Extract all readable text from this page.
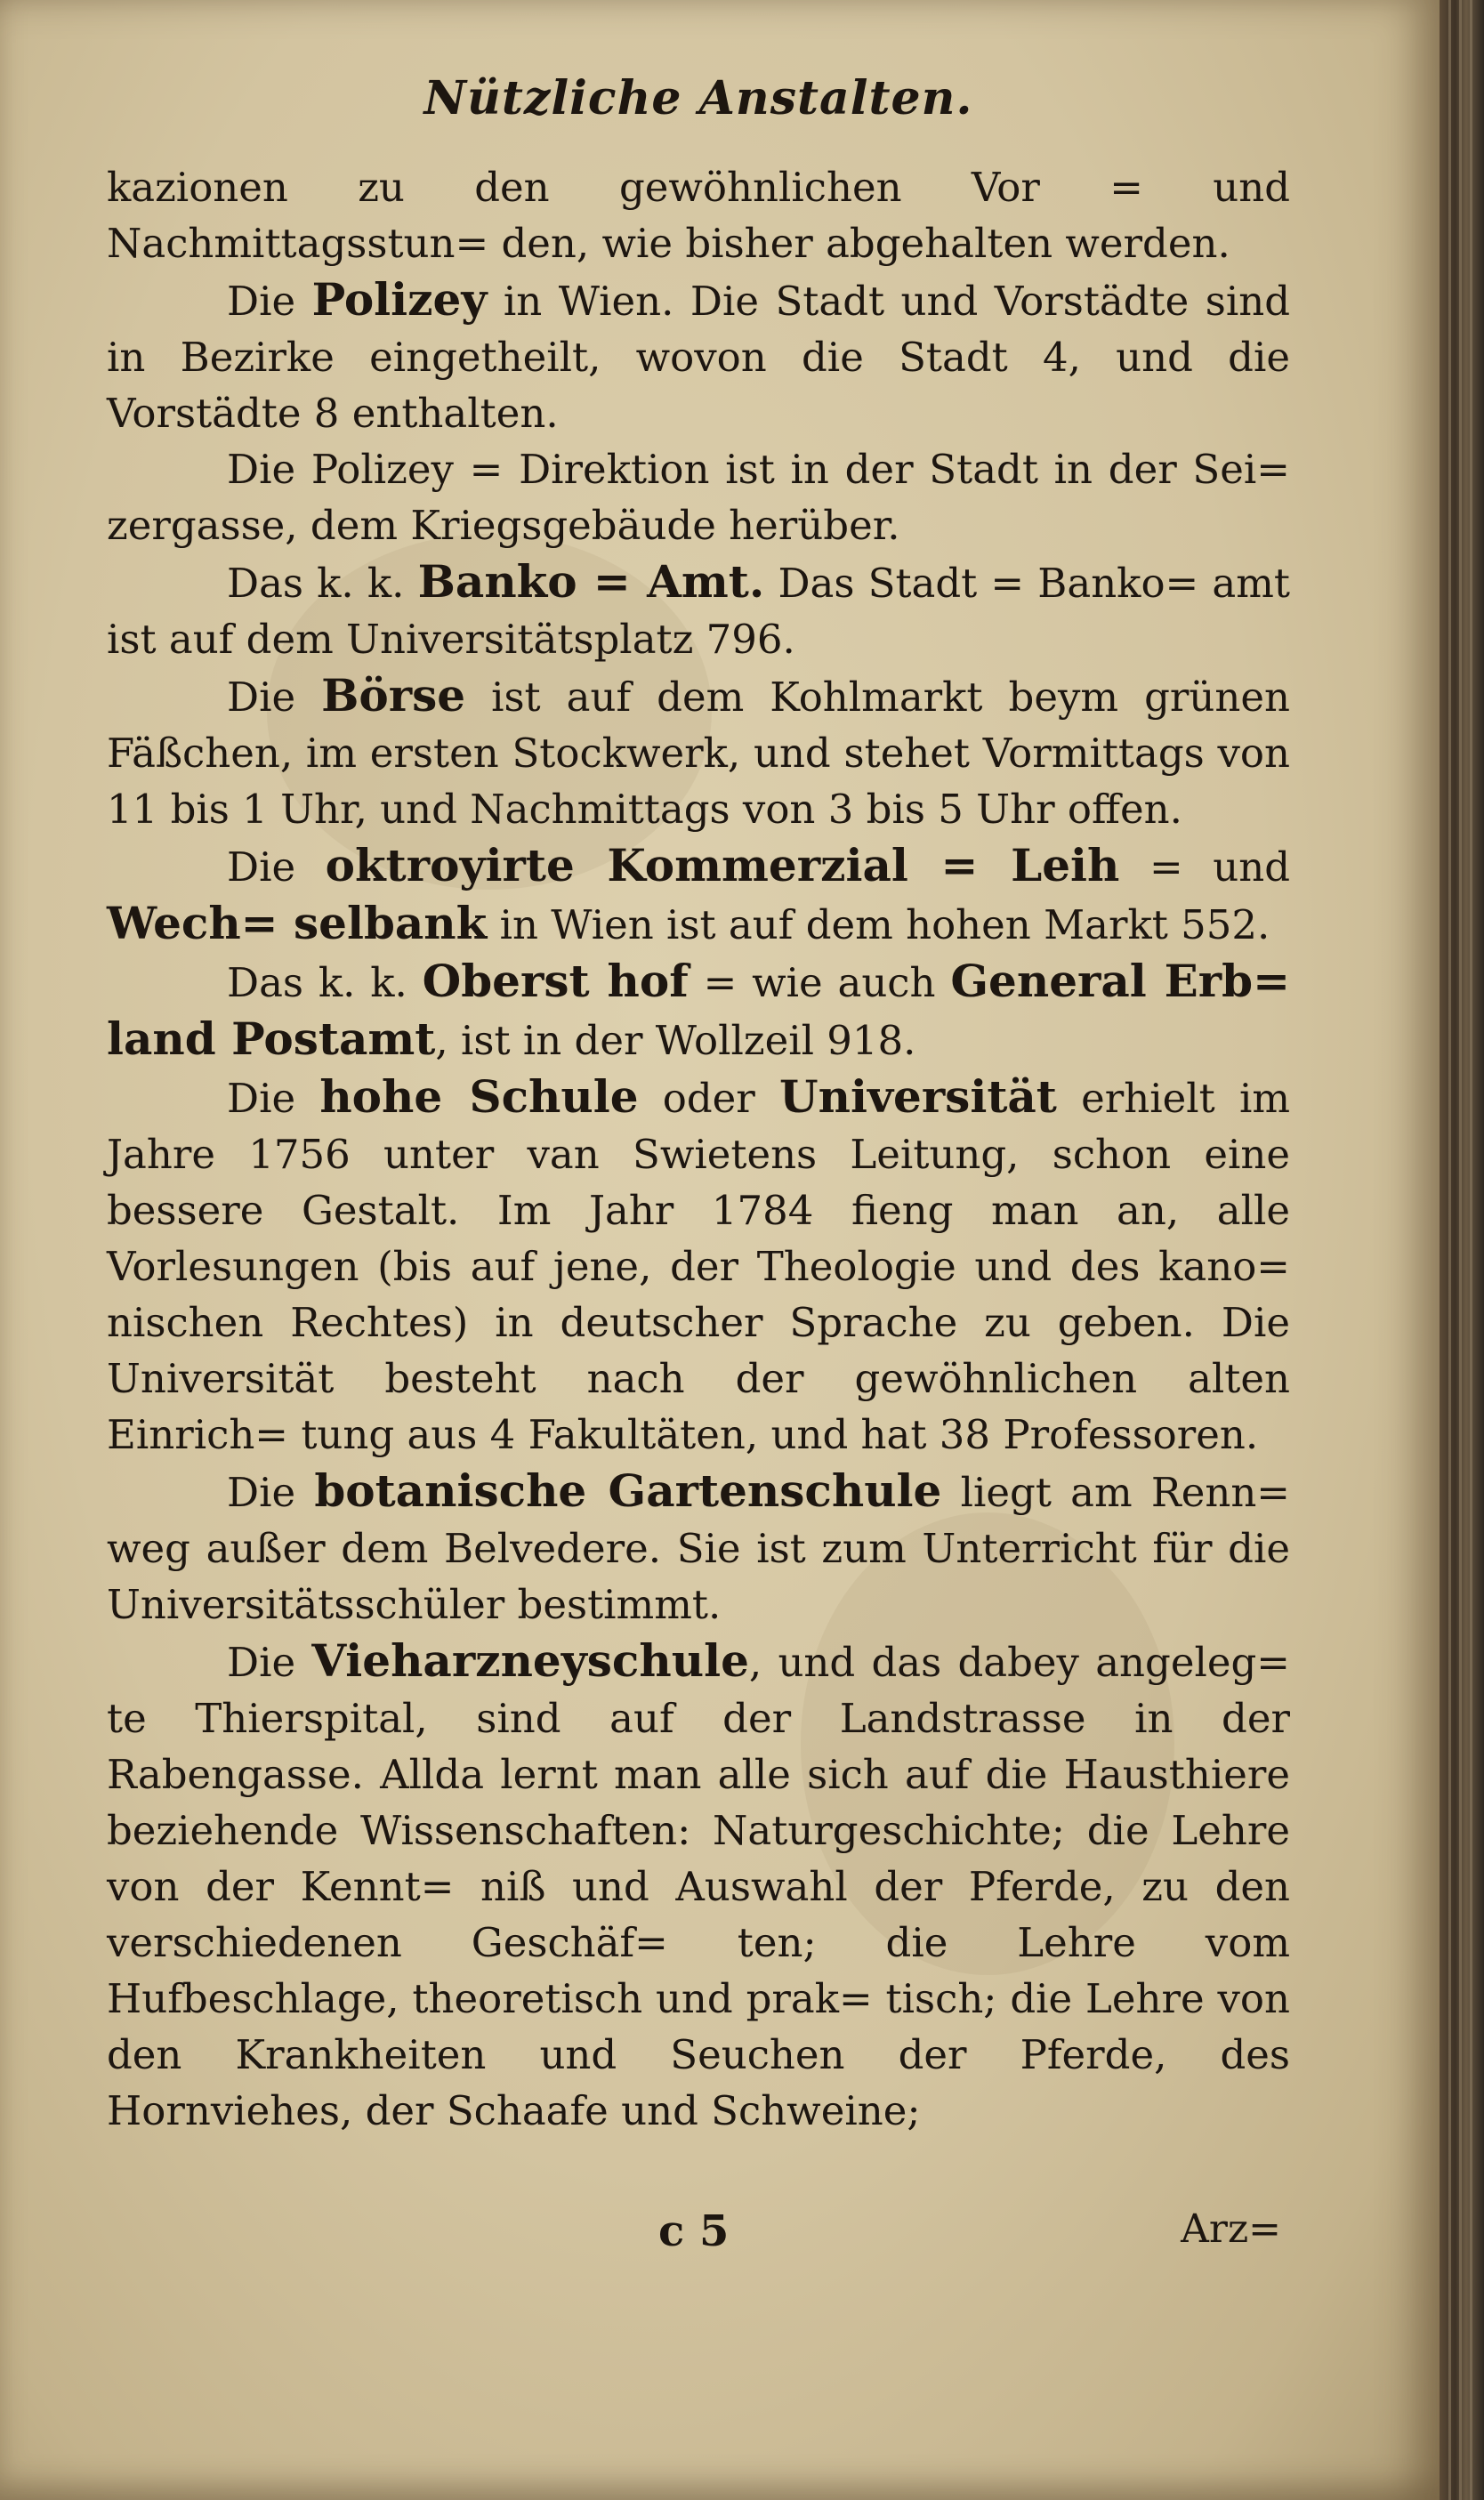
Nützliche Anstalten.

kazionen zu den gewöhnlichen Vor = und Nachmittagsstun= den, wie bisher abgehalten werden.

Die Polizey in Wien. Die Stadt und Vorstädte sind in Bezirke eingetheilt, wovon die Stadt 4, und die Vorstädte 8 enthalten.

Die Polizey = Direktion ist in der Stadt in der Sei= zergasse, dem Kriegsgebäude herüber.

Das k. k. Banko = Amt. Das Stadt = Banko= amt ist auf dem Universitätsplatz 796.

Die Börse ist auf dem Kohlmarkt beym grünen Fäßchen, im ersten Stockwerk, und stehet Vormittags von 11 bis 1 Uhr, und Nachmittags von 3 bis 5 Uhr offen.

Die oktroyirte Kommerzial = Leih = und Wech= selbank in Wien ist auf dem hohen Markt 552.

Das k. k. Oberst hof = wie auch General Erb= land Postamt, ist in der Wollzeil 918.

Die hohe Schule oder Universität erhielt im Jahre 1756 unter van Swietens Leitung, schon eine bessere Gestalt. Im Jahr 1784 fieng man an, alle Vorlesungen (bis auf jene, der Theologie und des kano= nischen Rechtes) in deutscher Sprache zu geben. Die Universität besteht nach der gewöhnlichen alten Einrich= tung aus 4 Fakultäten, und hat 38 Professoren.

Die botanische Gartenschule liegt am Renn= weg außer dem Belvedere. Sie ist zum Unterricht für die Universitätsschüler bestimmt.

Die Vieharzneyschule, und das dabey angeleg= te Thierspital, sind auf der Landstrasse in der Rabengasse. Allda lernt man alle sich auf die Hausthiere beziehende Wissenschaften: Naturgeschichte; die Lehre von der Kennt= niß und Auswahl der Pferde, zu den verschiedenen Geschäf= ten; die Lehre vom Hufbeschlage, theoretisch und prak= tisch; die Lehre von den Krankheiten und Seuchen der Pferde, des Hornviehes, der Schaafe und Schweine;

c 5	Arz=
